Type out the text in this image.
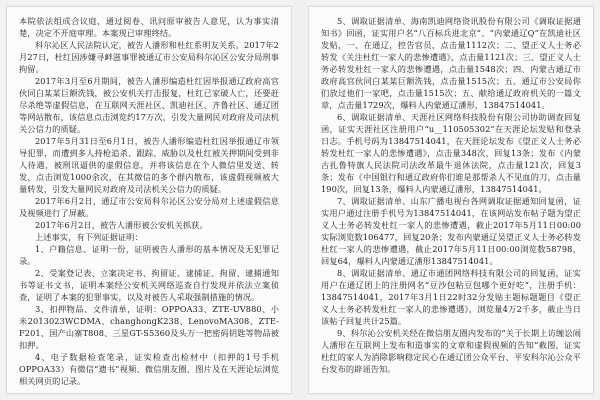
本院依法组成合议庭，通过阅卷、讯问原审被告人意见，认为事实清楚，决定不开庭审理。本案现已审理终结。

科尔沁区人民法院认定，被告人潘形和杜红系明友关系。2017年2月27日，杜红因涉嫌寻衅滋事罪被通辽市公安局科尔沁区公安分局刑事拘留。

2017年3月至6月期间，被告人潘形编造杜红因举报通辽政府高官伙同白某某巨额洗钱，被公安机关打击报复，杜红已家破人亡，还要赶尽杀绝等虚假信息，在互联网天涯社区、凯迪社区、齐鲁社区、通辽团等网站散布，该信息点击浏览约17万次，引发大量网民对政府及司法机关公信力的质疑。

2017年5月31日至6月1日，被告人潘形编造杜红因举报通辽市领导犯罪，而遭到多人持枪追杀、跟踪、威胁以及杜红被关押期间受到非人待遇，被刑讯逼供的虚假信息，并将该信息在个人微信里发送、转发，点击浏览1000余次，在其微信的多个群内散布，该虚假视频被大量转发，引发大量网民对政府及司法机关公信力的质疑。

2017年6月2日，通辽市公安局科尔沁区公安分局对上述虚假信息及视频进行了屏蔽。

2017年6月2日，被告人潘形被公安机关抓获。

上述事实，有下列证据证明：

1、户籍信息、证明一份，证明被告人潘形的基本情况及无犯罪记录。

2、受案登记表、立案决定书、拘留证、逮捕证、拘留、逮捕通知书等证书文书，证明本案经公安机关网络巡查自行发现并依法立案侦查，证明了本案的犯罪事实，以及对被告人采取强制措施的情况。

3、扣押物品、文件清单，证明：OPPOA33、ZTE-UV880、小米2013023WCDMA、changhongK238、LenovoMA308、ZTE-F201、国产山寨T808、三星GT-S5360及头万一把密码钥匙等物品被扣押。

4、电子数据检查笔录，证实检查出检材中（扣押的1号手机OPPOA33）有微信“遗书”视频、微信朋友圈、图片及在天涯论坛浏览相关网页的记录。

5、调取证据清单、海南凯迪网络资讯股份有限公司《调取证据通知书》回函，证实用户名“八百标兵进北京”、“内蒙通辽Q”在凯迪社区发贴，一、在通辽，控告官员，点击量1112次；二、望正义人士务必转发《关注杜红一家人的悲惨遭遇》，点击量1121次；三、望正义人士务必转发杜红一家人的悲惨遭遇，点击量1548次；四、内蒙古通辽市政府高官伙同白某某巨额洗钱，点击量1515次；五、通辽市公安局你们放过他们一家吧，点击量1515次；五、献给通辽政府机关的一篇文章，点击量1729次，爆料人内蒙通辽潘形，13847514041。

6、调取证据清单、天涯社区网络科技股份有限公司协助调查回复函，证实天涯社区注册用户“u__110505302”在天涯论坛发贴和登录日志。手机号码为13847514041，在天涯论坛发布《望正义人士务必转发杜红一家人的悲惨遭遇》，点击量348次，回复13条；发布《内蒙古扎鲁特旗人民法院司法改革最牛退休法院，点击量121次，回复3条；发布《中国银行和通辽政府你们谁是那帮杀人不见血的刀，点击量190次，回复13条，爆料人内蒙通辽潘形，13847514041。

7、调取证据清单、山东广播电视台各网调取证据通知回复函，证实用户通过注册手机号为13847514041，在该网站发布帖子题为望正义人士务必转发杜红一家人的悲惨遭遇，截止2017年5月11日00:00实际浏览数106477，回复20条；发布内蒙通辽吴望正义人士务必转发杜红一家人的悲惨遭遇，截止2017年5月11日00:00浏览数58798，回复64，爆料人内蒙通辽潘形13847514041。

8、调取证据清单、通辽市通团网络科技有限公司的回复函，证实用户在通辽团上的注册网名“豆沙包粘豆包哪个更好吃”，注册手机：13847514041，2017年3月1日22时32分发贴主题标题题目《望正义人士务必转发杜红一家人的悲惨遭遇》，浏览量4万2千多，截止当日该帖子回复共计25篇。

9、科尔沁公安机关经在微信朋友圈内发布的“关于长期上访缠讼闹人潘形在互联网上发布和造事实的文章和虚假视频的告知”截图，证实杜红的家人为消除影响稳定民心在通辽团公众平台、平安科尔沁公众平台发布的辟谣告知。
